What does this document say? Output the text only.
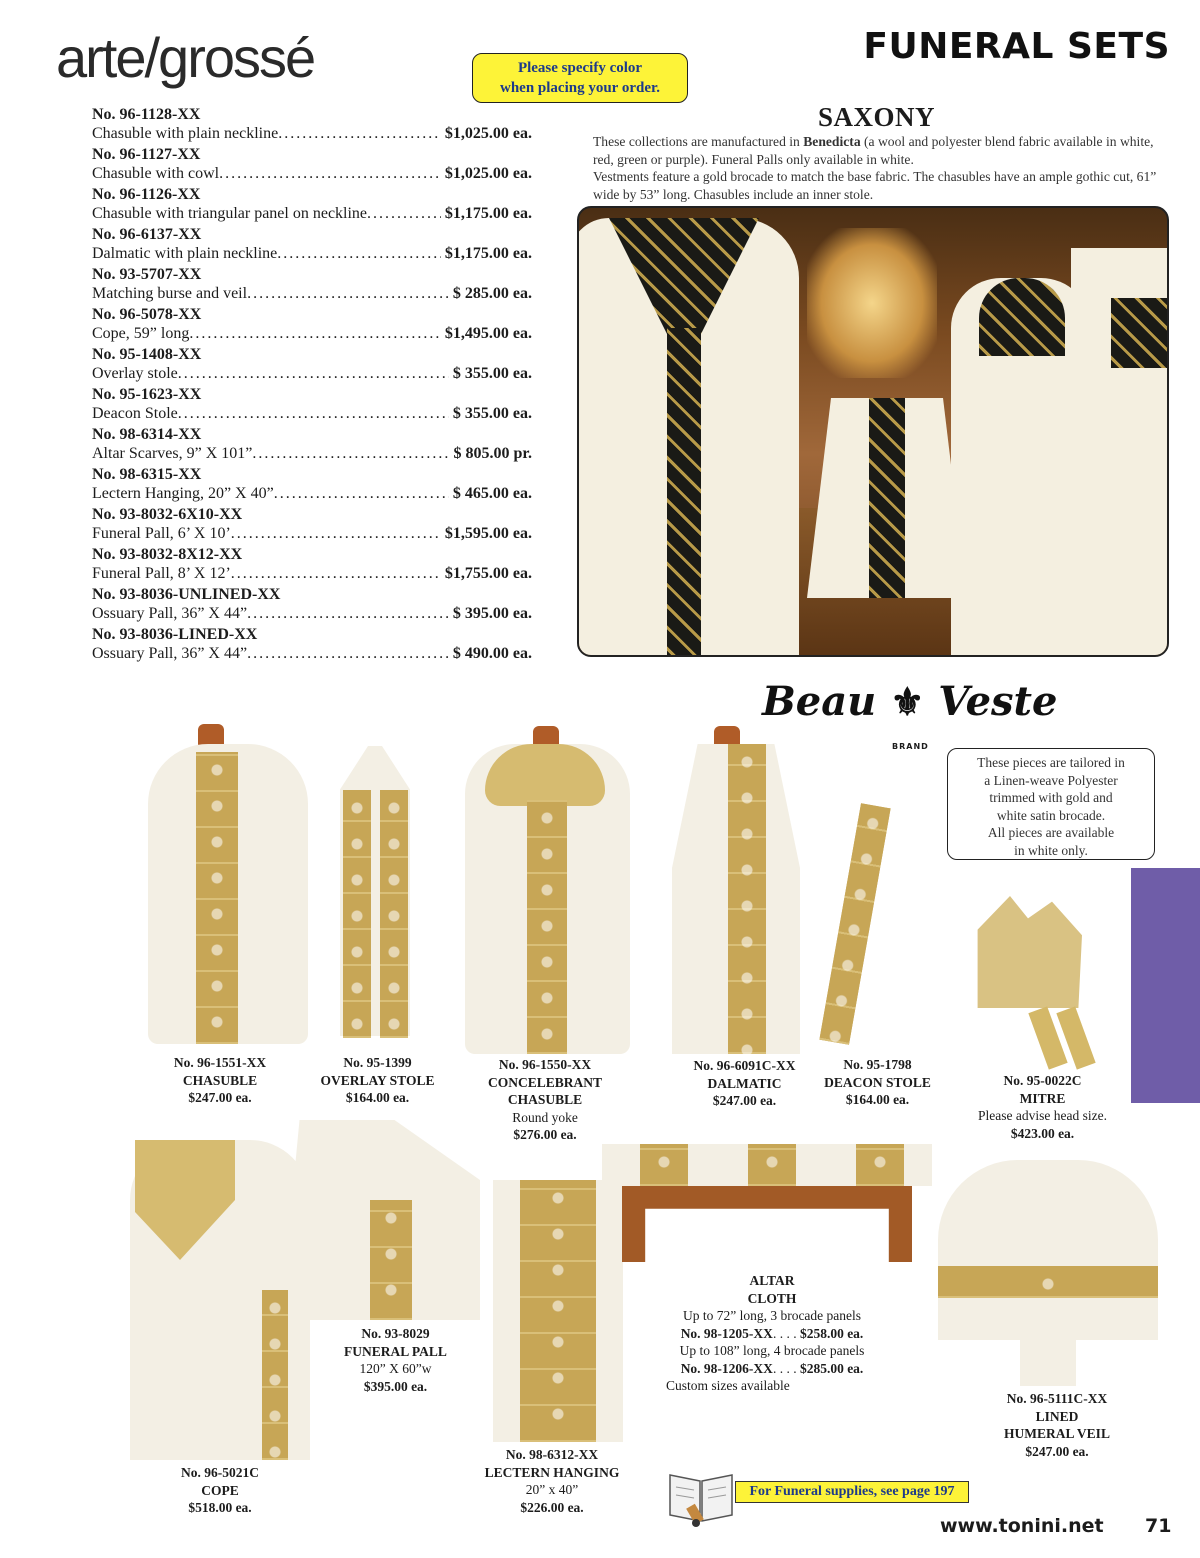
arte/grossé	FUNERAL SETS
Please specify color
when placing your order.
No. 96-1128-XX
Chasuble with plain neckline . . .	$1,025.00 ea.
No. 96-1127-XX
Chasuble with cowl . . .	$1,025.00 ea.
No. 96-1126-XX
Chasuble with triangular panel on neckline . . .	$1,175.00 ea.
No. 96-6137-XX
Dalmatic with plain neckline . . .	$1,175.00 ea.
No. 93-5707-XX
Matching burse and veil . . .	$ 285.00 ea.
No. 96-5078-XX
Cope, 59” long . . .	$1,495.00 ea.
No. 95-1408-XX
Overlay stole . . .	$ 355.00 ea.
No. 95-1623-XX
Deacon Stole . . .	$ 355.00 ea.
No. 98-6314-XX
Altar Scarves, 9” X 101” . . .	$ 805.00 pr.
No. 98-6315-XX
Lectern Hanging, 20” X 40” . . .	$ 465.00 ea.
No. 93-8032-6X10-XX
Funeral Pall, 6’ X 10’ . . .	$1,595.00 ea.
No. 93-8032-8X12-XX
Funeral Pall, 8’ X 12’ . . .	$1,755.00 ea.
No. 93-8036-UNLINED-XX
Ossuary Pall, 36” X 44” . . .	$ 395.00 ea.
No. 93-8036-LINED-XX
Ossuary Pall, 36” X 44” . . .	$ 490.00 ea.
SAXONY
These collections are manufactured in Benedicta (a wool and polyester blend fabric available in white, red, green or purple). Funeral Palls only available in white.
Vestments feature a gold brocade to match the base fabric. The chasubles have an ample gothic cut, 61” wide by 53” long. Chasubles include an inner stole.
Beau ⚜ Veste
BRAND
These pieces are tailored in
a Linen-weave Polyester
trimmed with gold and
white satin brocade.
All pieces are available
in white only.
No. 96-1551-XX
CHASUBLE
$247.00 ea.
No. 95-1399
OVERLAY STOLE
$164.00 ea.
No. 96-1550-XX
CONCELEBRANT
CHASUBLE
Round yoke
$276.00 ea.
No. 96-6091C-XX
DALMATIC
$247.00 ea.
No. 95-1798
DEACON STOLE
$164.00 ea.
No. 95-0022C
MITRE
Please advise head size.
$423.00 ea.
No. 96-5021C
COPE
$518.00 ea.
No. 93-8029
FUNERAL PALL
120” X 60”w
$395.00 ea.
No. 98-6312-XX
LECTERN HANGING
20” x 40”
$226.00 ea.
ALTAR
CLOTH
Up to 72” long, 3 brocade panels
No. 98-1205-XX. . . . $258.00 ea.
Up to 108” long, 4 brocade panels
No. 98-1206-XX. . . . $285.00 ea.
Custom sizes available
No. 96-5111C-XX
LINED
HUMERAL VEIL
$247.00 ea.
For Funeral supplies, see page 197
www.tonini.net 71
